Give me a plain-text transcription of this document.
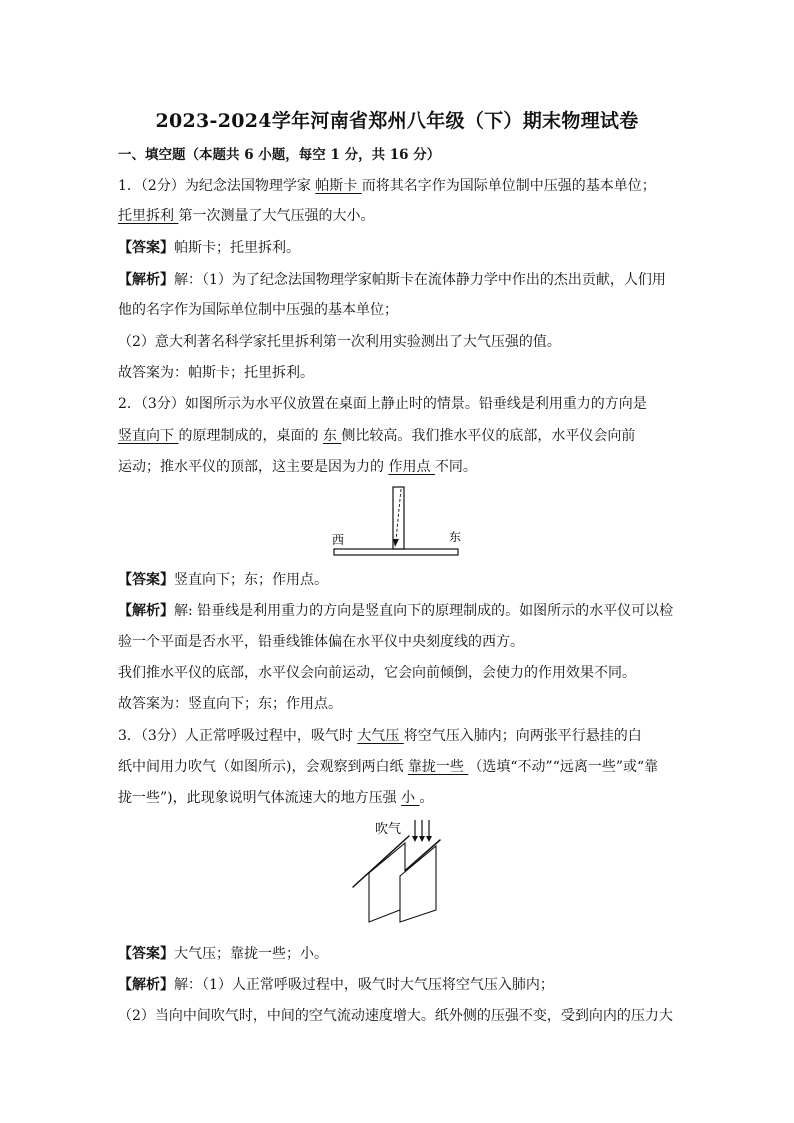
2023-2024学年河南省郑州八年级（下）期末物理试卷
一、填空题（本题共 6 小题，每空 1 分，共 16 分）
1．（2分）为纪念法国物理学家 帕斯卡 而将其名字作为国际单位制中压强的基本单位；
托里拆利 第一次测量了大气压强的大小。
【答案】帕斯卡；托里拆利。
【解析】解：（1）为了纪念法国物理学家帕斯卡在流体静力学中作出的杰出贡献，人们用
他的名字作为国际单位制中压强的基本单位；
（2）意大利著名科学家托里拆利第一次利用实验测出了大气压强的值。
故答案为：帕斯卡；托里拆利。
2．（3分）如图所示为水平仪放置在桌面上静止时的情景。铅垂线是利用重力的方向是
竖直向下 的原理制成的，桌面的 东 侧比较高。我们推水平仪的底部，水平仪会向前
运动；推水平仪的顶部，这主要是因为力的 作用点 不同。
西	东
【答案】竖直向下；东；作用点。
【解析】解: 铅垂线是利用重力的方向是竖直向下的原理制成的。如图所示的水平仪可以检
验一个平面是否水平，铅垂线锥体偏在水平仪中央刻度线的西方。
我们推水平仪的底部，水平仪会向前运动，它会向前倾倒，会使力的作用效果不同。
故答案为：竖直向下；东；作用点。
3．（3分）人正常呼吸过程中，吸气时 大气压 将空气压入肺内；向两张平行悬挂的白
纸中间用力吹气（如图所示)，会观察到两白纸 靠拢一些 （选填“不动”“远离一些”或“靠
拢一些”)，此现象说明气体流速大的地方压强 小 。
吹气
【答案】大气压；靠拢一些；小。
【解析】解：（1）人正常呼吸过程中，吸气时大气压将空气压入肺内；
（2）当向中间吹气时，中间的空气流动速度增大。纸外侧的压强不变，受到向内的压力大
